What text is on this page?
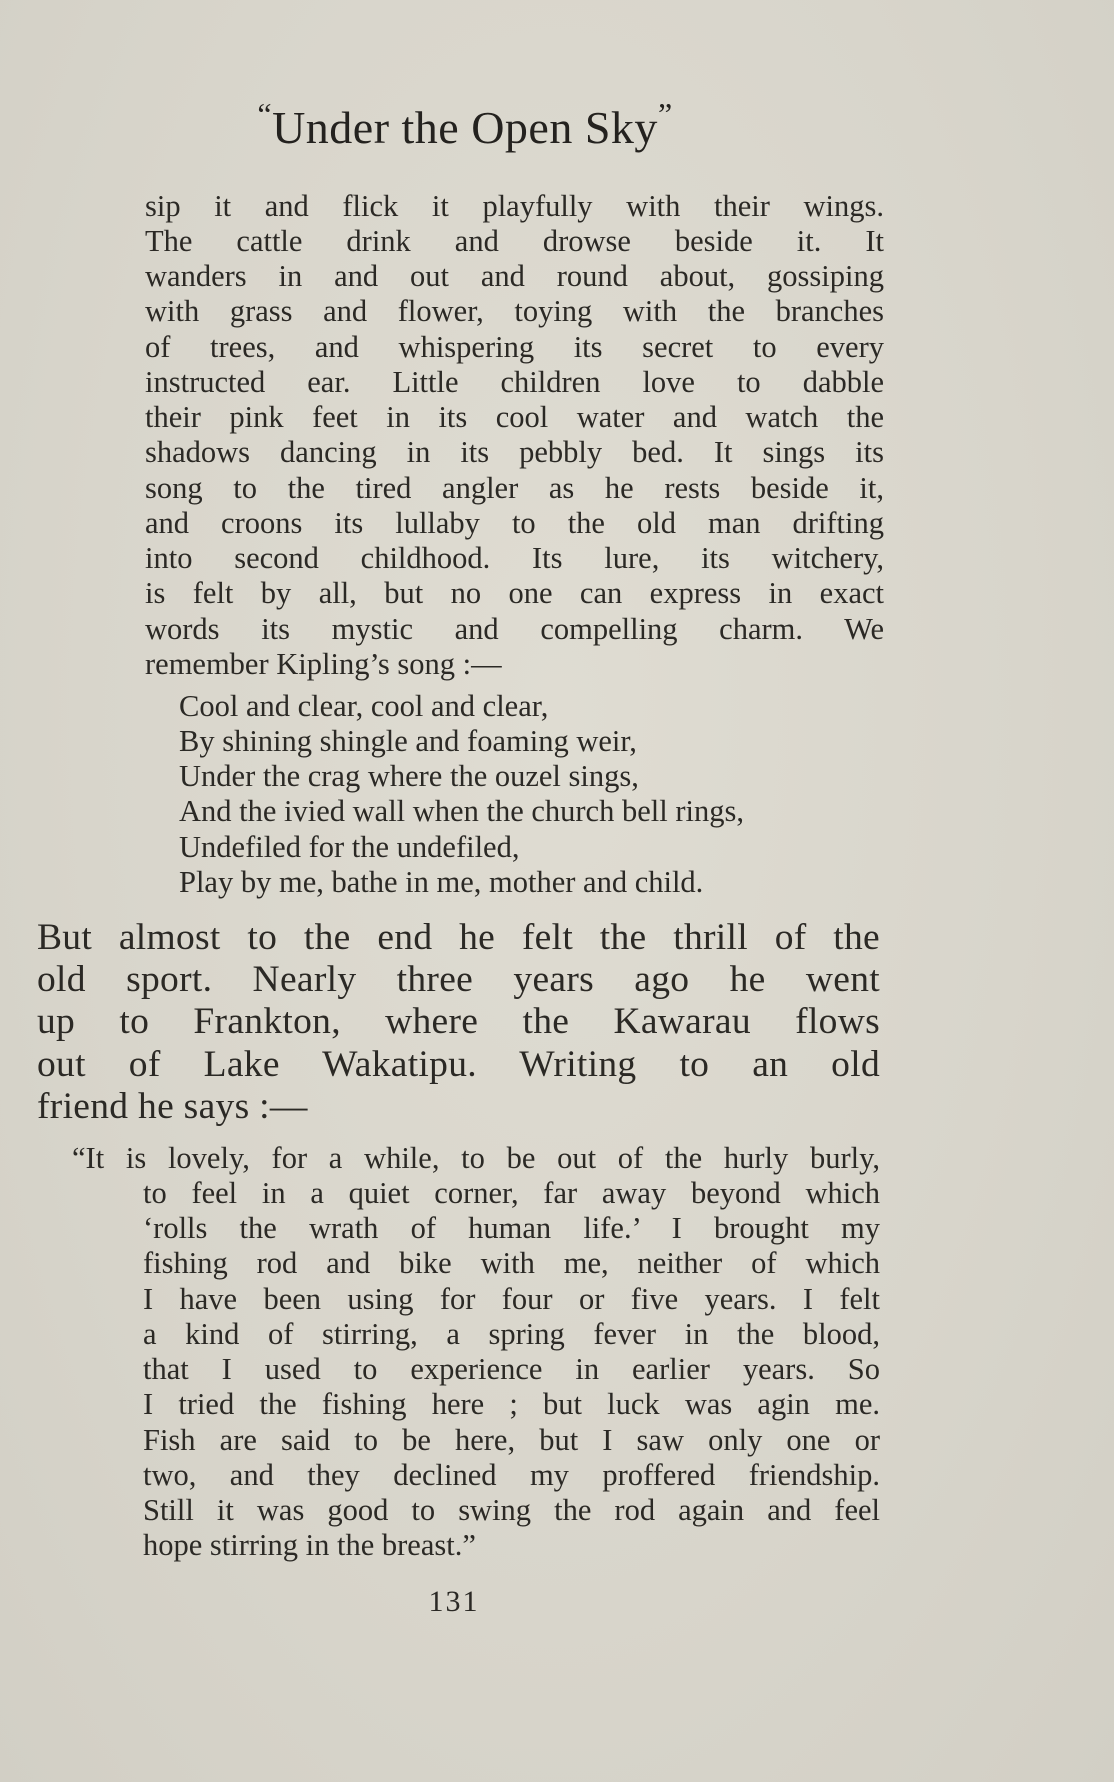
“Under the Open Sky”
sip it and flick it playfully with their wings.
The cattle drink and drowse beside it. It
wanders in and out and round about, gossiping
with grass and flower, toying with the branches
of trees, and whispering its secret to every
instructed ear. Little children love to dabble
their pink feet in its cool water and watch the
shadows dancing in its pebbly bed. It sings its
song to the tired angler as he rests beside it,
and croons its lullaby to the old man drifting
into second childhood. Its lure, its witchery,
is felt by all, but no one can express in exact
words its mystic and compelling charm. We
remember Kipling’s song :—
Cool and clear, cool and clear,
By shining shingle and foaming weir,
Under the crag where the ouzel sings,
And the ivied wall when the church bell rings,
Undefiled for the undefiled,
Play by me, bathe in me, mother and child.
But almost to the end he felt the thrill of the
old sport. Nearly three years ago he went
up to Frankton, where the Kawarau flows
out of Lake Wakatipu. Writing to an old
friend he says :—
“It is lovely, for a while, to be out of the hurly burly,
to feel in a quiet corner, far away beyond which
‘rolls the wrath of human life.’ I brought my
fishing rod and bike with me, neither of which
I have been using for four or five years. I felt
a kind of stirring, a spring fever in the blood,
that I used to experience in earlier years. So
I tried the fishing here ; but luck was agin me.
Fish are said to be here, but I saw only one or
two, and they declined my proffered friendship.
Still it was good to swing the rod again and feel
hope stirring in the breast.”
131
